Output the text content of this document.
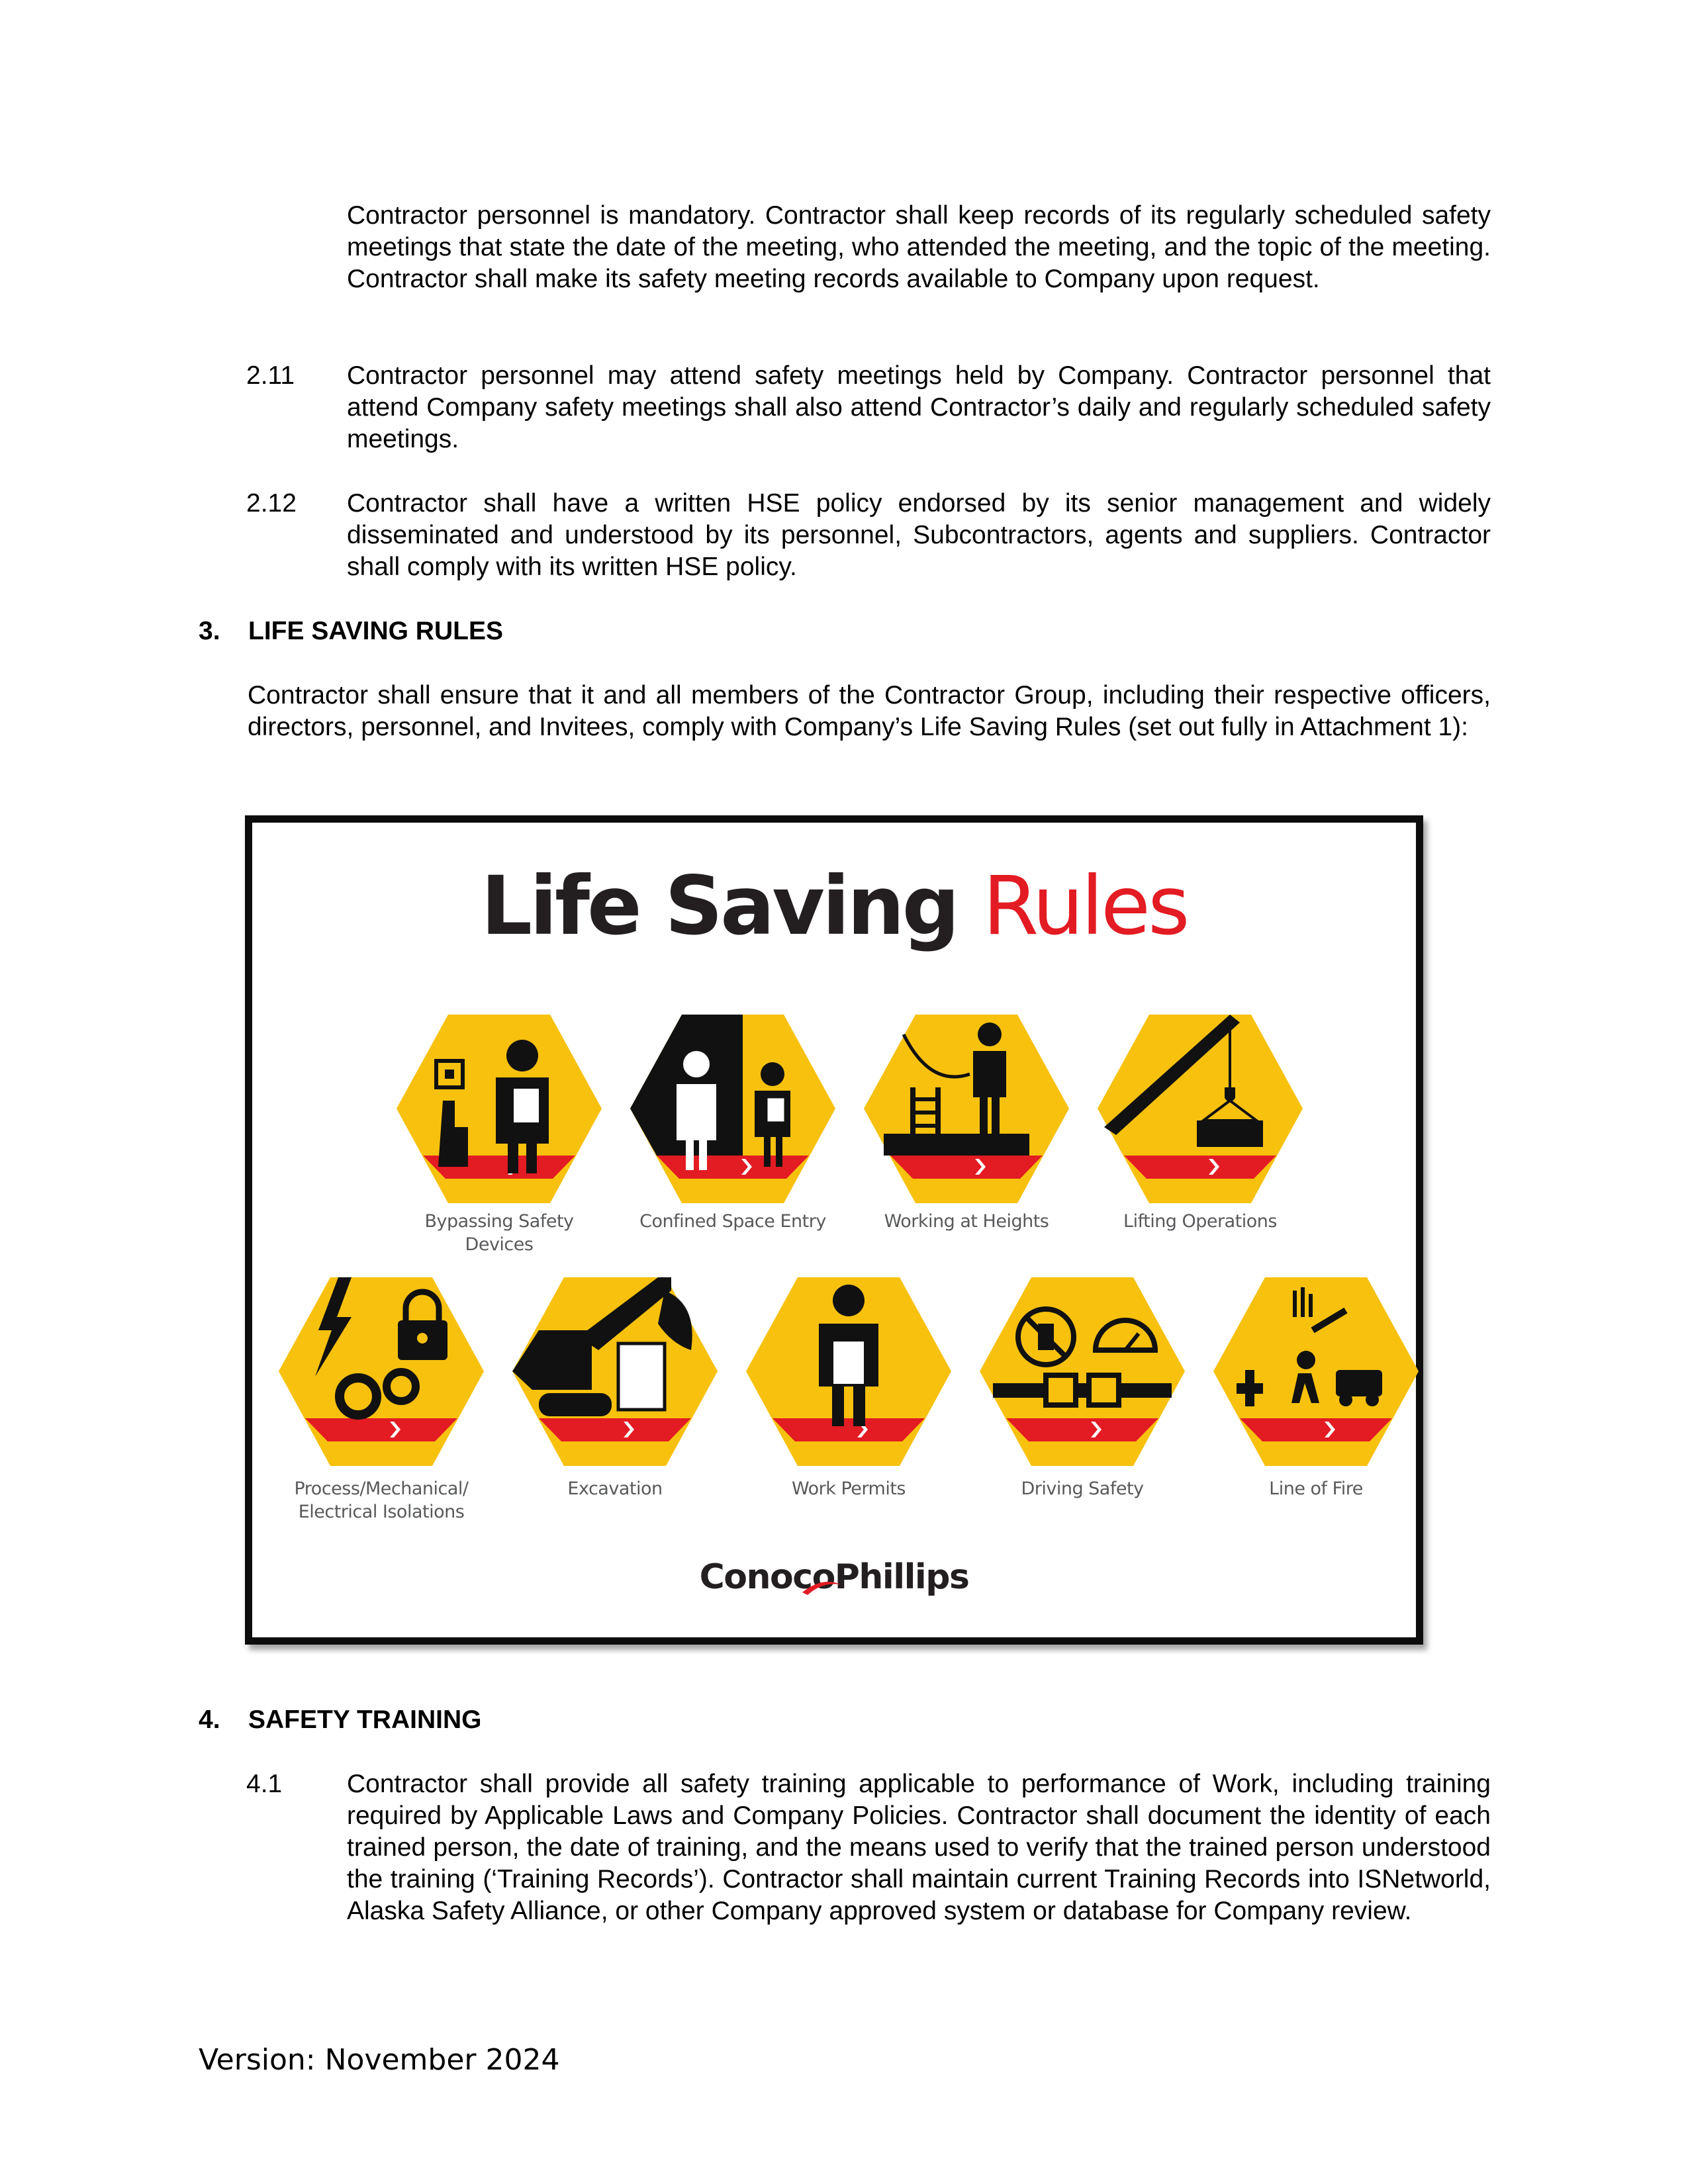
Contractor personnel is mandatory. Contractor shall keep records of its regularly scheduled safety meetings that state the date of the meeting, who attended the meeting, and the topic of the meeting. Contractor shall make its safety meeting records available to Company upon request.
2.11 Contractor personnel may attend safety meetings held by Company. Contractor personnel that attend Company safety meetings shall also attend Contractor’s daily and regularly scheduled safety meetings.
2.12 Contractor shall have a written HSE policy endorsed by its senior management and widely disseminated and understood by its personnel, Subcontractors, agents and suppliers. Contractor shall comply with its written HSE policy.
3. LIFE SAVING RULES
Contractor shall ensure that it and all members of the Contractor Group, including their respective officers, directors, personnel, and Invitees, comply with Company’s Life Saving Rules (set out fully in Attachment 1):
Life Saving Rules
Bypassing Safety
Devices
Confined Space Entry	Working at Heights	Lifting Operations
Process/Mechanical/
Electrical Isolations
Excavation	Work Permits	Driving Safety	Line of Fire
ConocoPhillips
4. SAFETY TRAINING
4.1	Contractor shall provide all safety training applicable to performance of Work, including training required by Applicable Laws and Company Policies. Contractor shall document the identity of each trained person, the date of training, and the means used to verify that the trained person understood the training (‘Training Records’). Contractor shall maintain current Training Records into ISNetworld, Alaska Safety Alliance, or other Company approved system or database for Company review.
Version: November 2024
